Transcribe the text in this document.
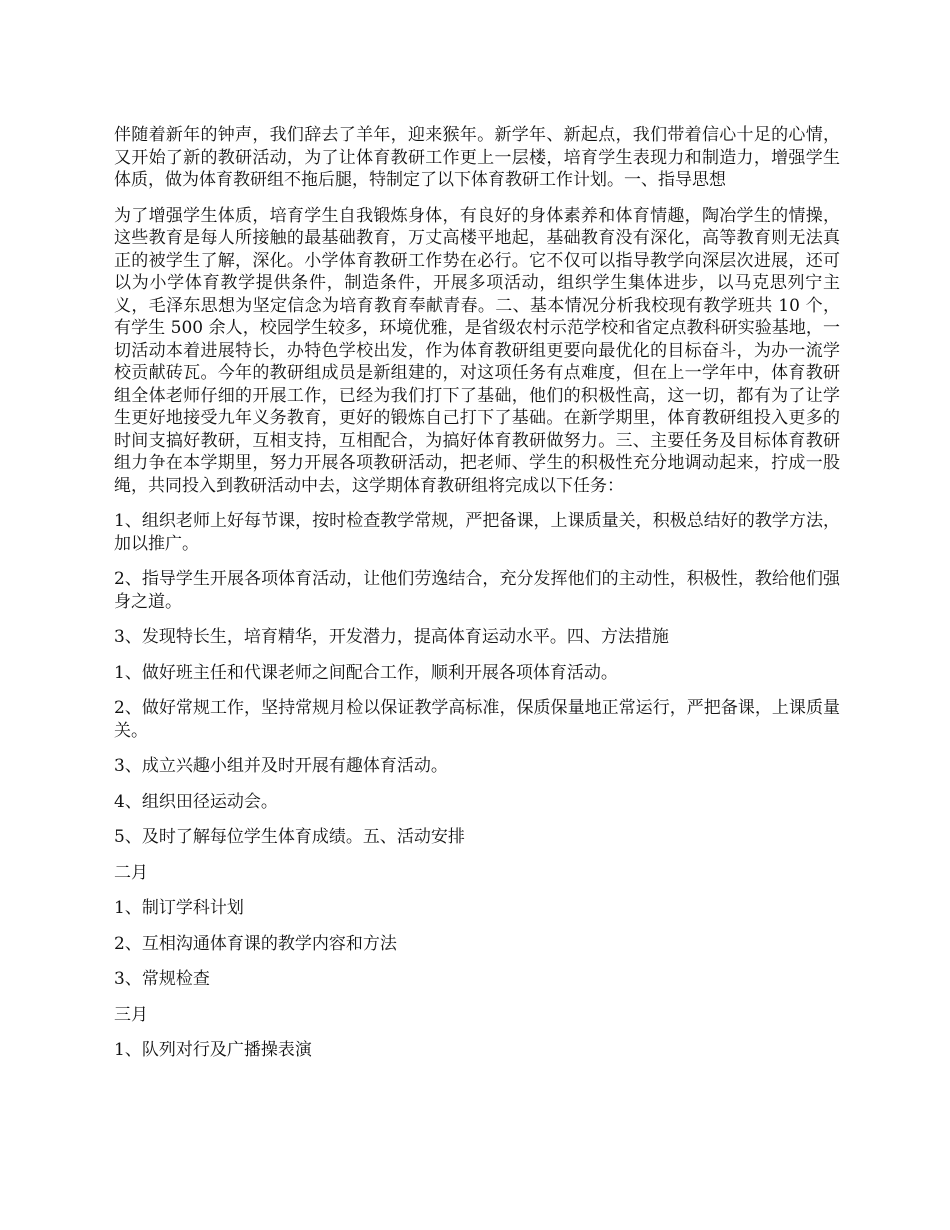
伴随着新年的钟声，我们辞去了羊年，迎来猴年。新学年、新起点，我们带着信心十足的心情，又开始了新的教研活动，为了让体育教研工作更上一层楼，培育学生表现力和制造力，增强学生体质，做为体育教研组不拖后腿，特制定了以下体育教研工作计划。一、指导思想

为了增强学生体质，培育学生自我锻炼身体，有良好的身体素养和体育情趣，陶冶学生的情操，这些教育是每人所接触的最基础教育，万丈高楼平地起，基础教育没有深化，高等教育则无法真正的被学生了解，深化。小学体育教研工作势在必行。它不仅可以指导教学向深层次进展，还可以为小学体育教学提供条件，制造条件，开展多项活动，组织学生集体进步，以马克思列宁主义，毛泽东思想为坚定信念为培育教育奉献青春。二、基本情况分析我校现有教学班共 10 个，有学生 500 余人，校园学生较多，环境优雅，是省级农村示范学校和省定点教科研实验基地，一切活动本着进展特长，办特色学校出发，作为体育教研组更要向最优化的目标奋斗，为办一流学校贡献砖瓦。今年的教研组成员是新组建的，对这项任务有点难度，但在上一学年中，体育教研组全体老师仔细的开展工作，已经为我们打下了基础，他们的积极性高，这一切，都有为了让学生更好地接受九年义务教育，更好的锻炼自己打下了基础。在新学期里，体育教研组投入更多的时间支搞好教研，互相支持，互相配合，为搞好体育教研做努力。三、主要任务及目标体育教研组力争在本学期里，努力开展各项教研活动，把老师、学生的积极性充分地调动起来，拧成一股绳，共同投入到教研活动中去，这学期体育教研组将完成以下任务：

1、组织老师上好每节课，按时检查教学常规，严把备课，上课质量关，积极总结好的教学方法，加以推广。

2、指导学生开展各项体育活动，让他们劳逸结合，充分发挥他们的主动性，积极性，教给他们强身之道。

3、发现特长生，培育精华，开发潜力，提高体育运动水平。四、方法措施

1、做好班主任和代课老师之间配合工作，顺利开展各项体育活动。

2、做好常规工作，坚持常规月检以保证教学高标准，保质保量地正常运行，严把备课，上课质量关。

3、成立兴趣小组并及时开展有趣体育活动。

4、组织田径运动会。

5、及时了解每位学生体育成绩。五、活动安排

二月

1、制订学科计划

2、互相沟通体育课的教学内容和方法

3、常规检查

三月

1、队列对行及广播操表演
